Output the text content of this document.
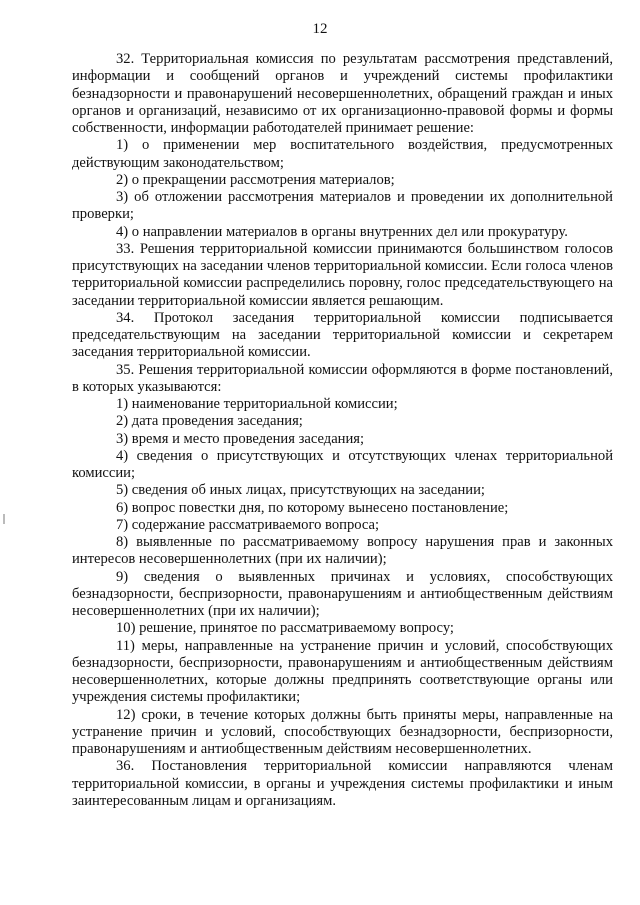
12

32. Территориальная комиссия по результатам рассмотрения представлений, информации и сообщений органов и учреждений системы профилактики безнадзорности и правонарушений несовершеннолетних, обращений граждан и иных органов и организаций, независимо от их организационно-правовой формы и формы собственности, информации работодателей принимает решение:

1) о применении мер воспитательного воздействия, предусмотренных действующим законодательством;

2) о прекращении рассмотрения материалов;

3) об отложении рассмотрения материалов и проведении их дополнительной проверки;

4) о направлении материалов в органы внутренних дел или прокуратуру.

33. Решения территориальной комиссии принимаются большинством голосов присутствующих на заседании членов территориальной комиссии. Если голоса членов территориальной комиссии распределились поровну, голос председательствующего на заседании территориальной комиссии является решающим.

34. Протокол заседания территориальной комиссии подписывается председательствующим на заседании территориальной комиссии и секретарем заседания территориальной комиссии.

35. Решения территориальной комиссии оформляются в форме постановлений, в которых указываются:

1) наименование территориальной комиссии;

2) дата проведения заседания;

3) время и место проведения заседания;

4) сведения о присутствующих и отсутствующих членах территориальной комиссии;

5) сведения об иных лицах, присутствующих на заседании;

6) вопрос повестки дня, по которому вынесено постановление;

7) содержание рассматриваемого вопроса;

8) выявленные по рассматриваемому вопросу нарушения прав и законных интересов несовершеннолетних (при их наличии);

9) сведения о выявленных причинах и условиях, способствующих безнадзорности, беспризорности, правонарушениям и антиобщественным действиям несовершеннолетних (при их наличии);

10) решение, принятое по рассматриваемому вопросу;

11) меры, направленные на устранение причин и условий, способствующих безнадзорности, беспризорности, правонарушениям и антиобщественным действиям несовершеннолетних, которые должны предпринять соответствующие органы или учреждения системы профилактики;

12) сроки, в течение которых должны быть приняты меры, направленные на устранение причин и условий, способствующих безнадзорности, беспризорности, правонарушениям и антиобщественным действиям несовершеннолетних.

36. Постановления территориальной комиссии направляются членам территориальной комиссии, в органы и учреждения системы профилактики и иным заинтересованным лицам и организациям.
